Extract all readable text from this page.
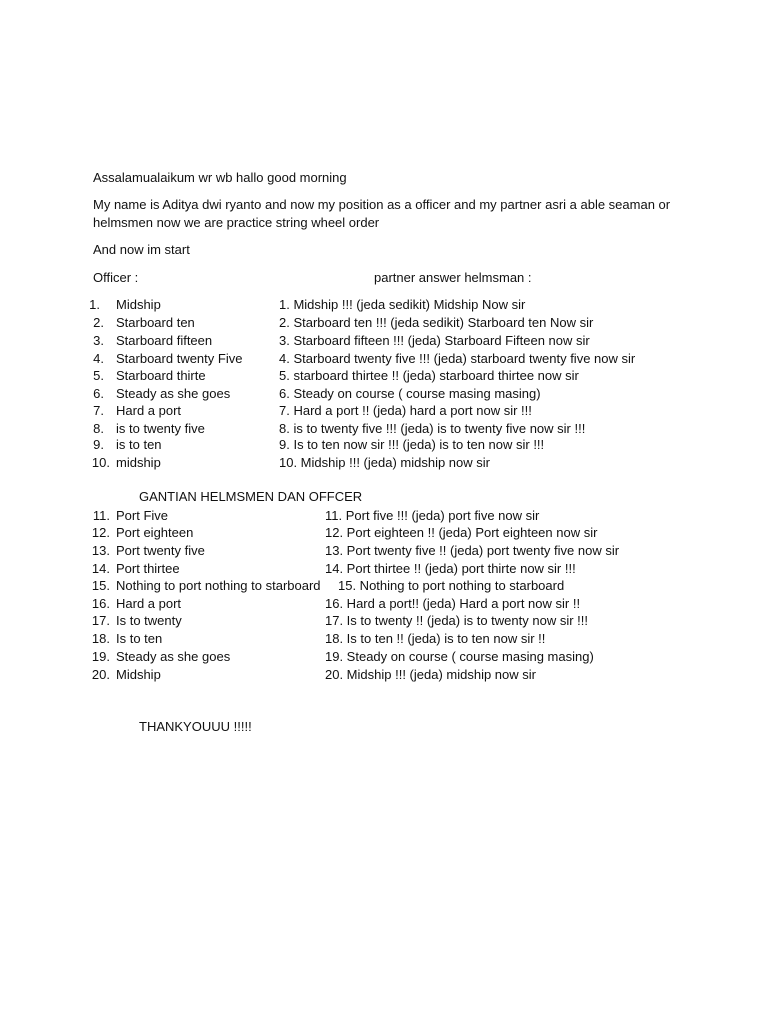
Assalamualaikum wr wb hallo good morning
My name is Aditya dwi ryanto and now my position as a officer and my partner asri a able seaman or helmsmen now we are practice string wheel order
And now im start
Officer :	partner answer helmsman :
1. Midship	1. Midship !!! (jeda sedikit) Midship Now sir
2. Starboard ten	2. Starboard ten !!! (jeda sedikit) Starboard ten Now sir
3. Starboard fifteen	3. Starboard fifteen !!! (jeda) Starboard Fifteen now sir
4. Starboard twenty Five	4. Starboard twenty five !!! (jeda) starboard twenty five now sir
5. Starboard thirte	5. starboard thirtee !! (jeda) starboard thirtee now sir
6. Steady as she goes	6. Steady on course ( course masing masing)
7. Hard a port	7. Hard a port !! (jeda) hard a port now sir !!!
8. is to twenty five	8. is to twenty five !!! (jeda) is to twenty five now sir !!!
9. is to ten	9. Is to ten now sir !!! (jeda) is to ten now sir !!!
10. midship	10. Midship !!! (jeda) midship now sir
GANTIAN HELMSMEN DAN OFFCER
11. Port Five	11. Port five !!! (jeda) port five now sir
12. Port eighteen	12. Port eighteen !! (jeda) Port eighteen now sir
13. Port twenty five	13. Port twenty five !! (jeda) port twenty five now sir
14. Port thirtee	14. Port thirtee !! (jeda) port thirte now sir !!!
15. Nothing to port nothing to starboard 15. Nothing to port nothing to starboard
16. Hard a port	16. Hard a port!! (jeda) Hard a port now sir !!
17. Is to twenty	17. Is to twenty !! (jeda) is to twenty now sir !!!
18. Is to ten	18. Is to ten !! (jeda) is to ten now sir !!
19. Steady as she goes	19. Steady on course ( course masing masing)
20. Midship	20. Midship !!! (jeda) midship now sir
THANKYOUUU !!!!!
